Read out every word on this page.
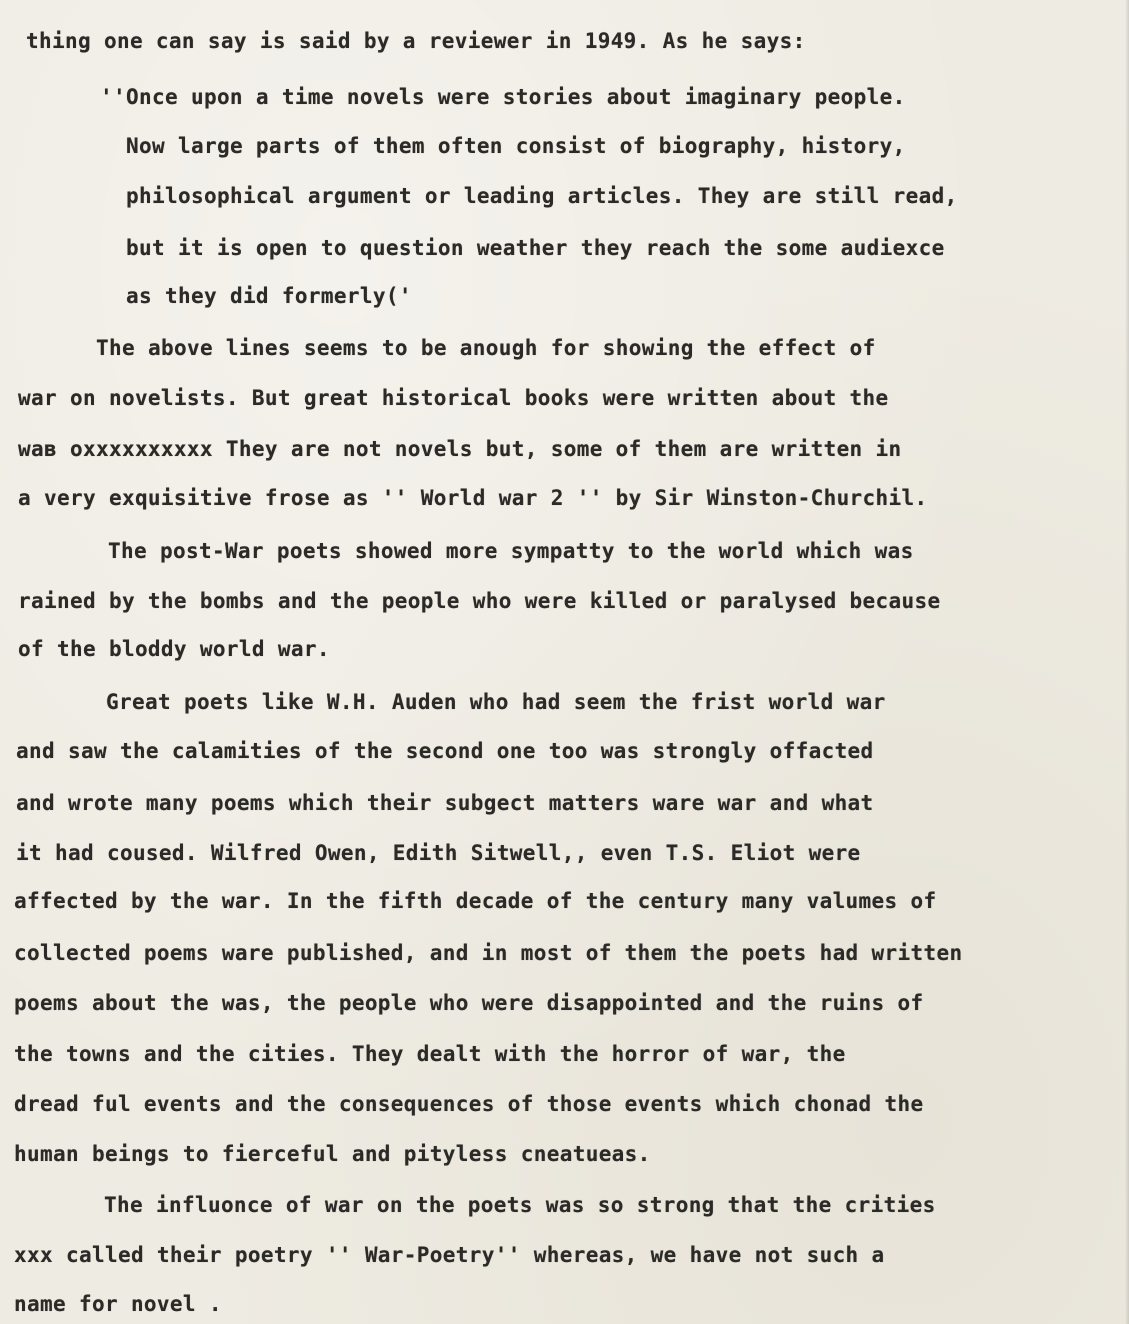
thing one can say is said by a reviewer in 1949. As he says:
''Once upon a time novels were stories about imaginary people.
Now large parts of them often consist of biography, history,
philosophical argument or leading articles. They are still read,
but it is open to question weather they reach the some audiexce
as they did formerly('
The above lines seems to be anough for showing the effect of
war on novelists. But great historical books were written about the
waв oxxxxxxxxxx They are not novels but, some of them are written in
a very exquisitive frose as '' World war 2 '' by Sir Winston-Churchil.
The post-War poets showed more sympatty to the world which was
rained by the bombs and the people who were killed or paralysed because
of the bloddy world war.
Great poets like W.H. Auden who had seem the frist world war
and saw the calamities of the second one too was strongly offacted
and wrote many poems which their subgect matters ware war and what
it had coused. Wilfred Owen, Edith Sitwell,, even T.S. Eliot were
affected by the war. In the fifth decade of the century many valumes of
collected poems ware published, and in most of them the poets had written
poems about the was, the people who were disappointed and the ruins of
the towns and the cities. They dealt with the horror of war, the
dread ful events and the consequences of those events which chonad the
human beings to fierceful and pityless cneatueas.
The influonce of war on the poets was so strong that the crities
xxx called their poetry '' War-Poetry'' whereas, we have not such a
name for novel .
